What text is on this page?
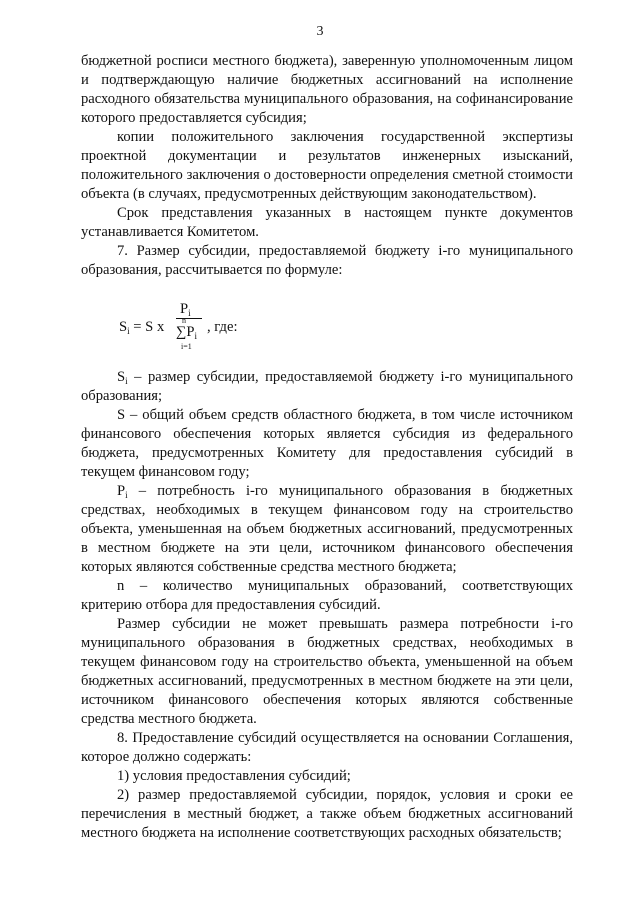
3

бюджетной росписи местного бюджета), заверенную уполномоченным лицом и подтверждающую наличие бюджетных ассигнований на исполнение расходного обязательства муниципального образования, на софинансирование которого предоставляется субсидия;

копии положительного заключения государственной экспертизы проектной документации и результатов инженерных изысканий, положительного заключения о достоверности определения сметной стоимости объекта (в случаях, предусмотренных действующим законодательством).

Срок представления указанных в настоящем пункте документов устанавливается Комитетом.

7. Размер субсидии, предоставляемой бюджету i-го муниципального образования, рассчитывается по формуле:

$S_i = S$ x
$P_i$
n
$\sum P_i$
i=1
, где:

$S_i$ – размер субсидии, предоставляемой бюджету i-го муниципального образования;

S – общий объем средств областного бюджета, в том числе источником финансового обеспечения которых является субсидия из федерального бюджета, предусмотренных Комитету для предоставления субсидий в текущем финансовом году;

$P_i$ – потребность i-го муниципального образования в бюджетных средствах, необходимых в текущем финансовом году на строительство объекта, уменьшенная на объем бюджетных ассигнований, предусмотренных в местном бюджете на эти цели, источником финансового обеспечения которых являются собственные средства местного бюджета;

n – количество муниципальных образований, соответствующих критерию отбора для предоставления субсидий.

Размер субсидии не может превышать размера потребности i-го муниципального образования в бюджетных средствах, необходимых в текущем финансовом году на строительство объекта, уменьшенной на объем бюджетных ассигнований, предусмотренных в местном бюджете на эти цели, источником финансового обеспечения которых являются собственные средства местного бюджета.

8. Предоставление субсидий осуществляется на основании Соглашения, которое должно содержать:

1) условия предоставления субсидий;

2) размер предоставляемой субсидии, порядок, условия и сроки ее перечисления в местный бюджет, а также объем бюджетных ассигнований местного бюджета на исполнение соответствующих расходных обязательств;
